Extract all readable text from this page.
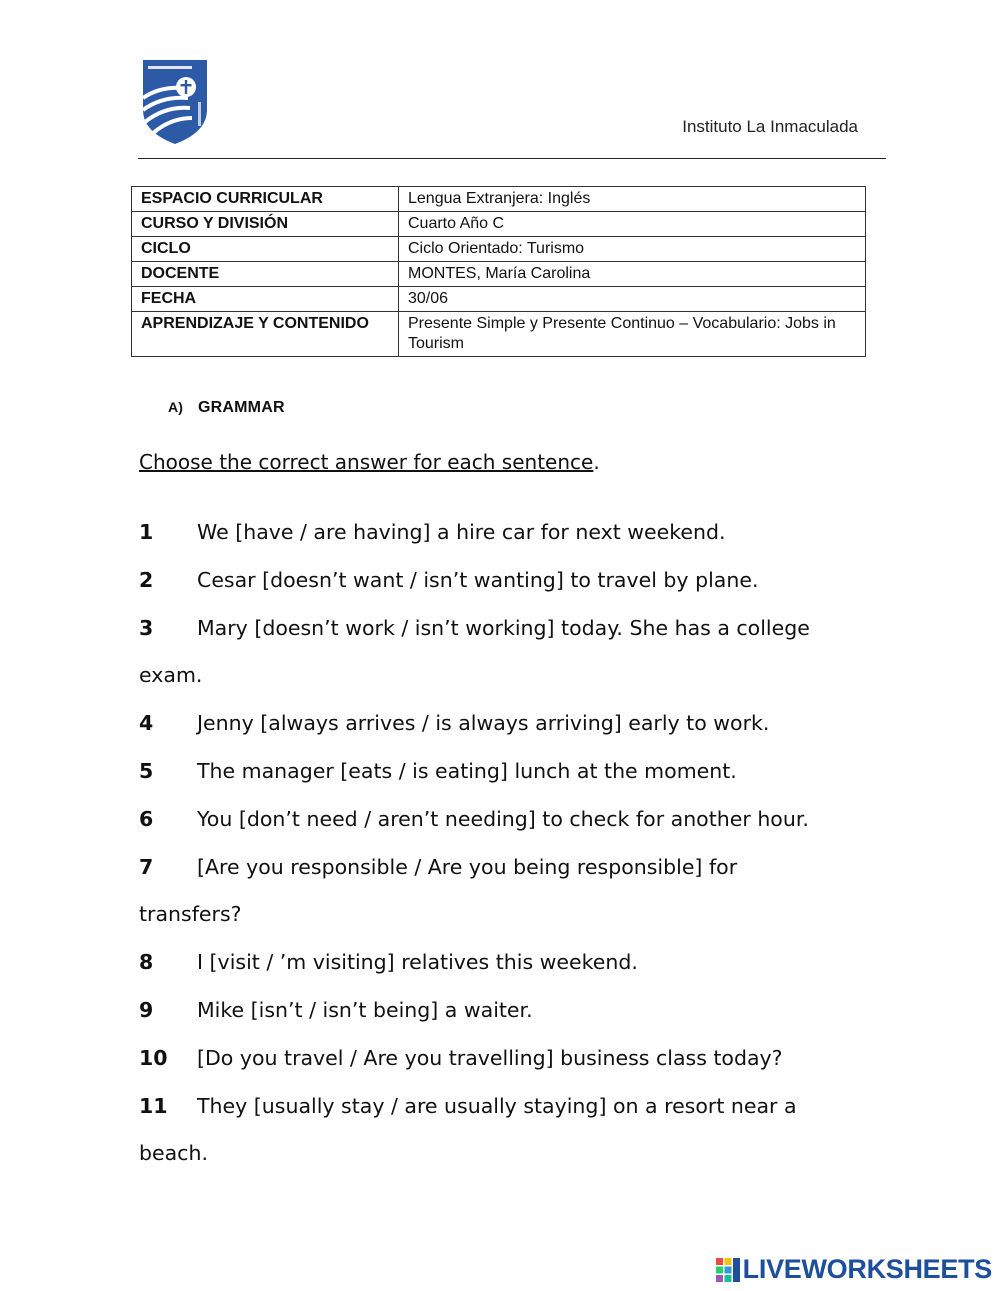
Instituto La Inmaculada
ESPACIO CURRICULAR	Lengua Extranjera: Inglés
CURSO Y DIVISIÓN	Cuarto Año C
CICLO	Ciclo Orientado: Turismo
DOCENTE	MONTES, María Carolina
FECHA	30/06
APRENDIZAJE Y CONTENIDO	Presente Simple y Presente Continuo – Vocabulario: Jobs in Tourism
A) GRAMMAR
Choose the correct answer for each sentence.
1 We [have / are having] a hire car for next weekend.
2 Cesar [doesn’t want / isn’t wanting] to travel by plane.
3 Mary [doesn’t work / isn’t working] today. She has a college
exam.
4 Jenny [always arrives / is always arriving] early to work.
5 The manager [eats / is eating] lunch at the moment.
6 You [don’t need / aren’t needing] to check for another hour.
7 [Are you responsible / Are you being responsible] for
transfers?
8 I [visit / ’m visiting] relatives this weekend.
9 Mike [isn’t / isn’t being] a waiter.
10 [Do you travel / Are you travelling] business class today?
11 They [usually stay / are usually staying] on a resort near a
beach.
LIVEWORKSHEETS
